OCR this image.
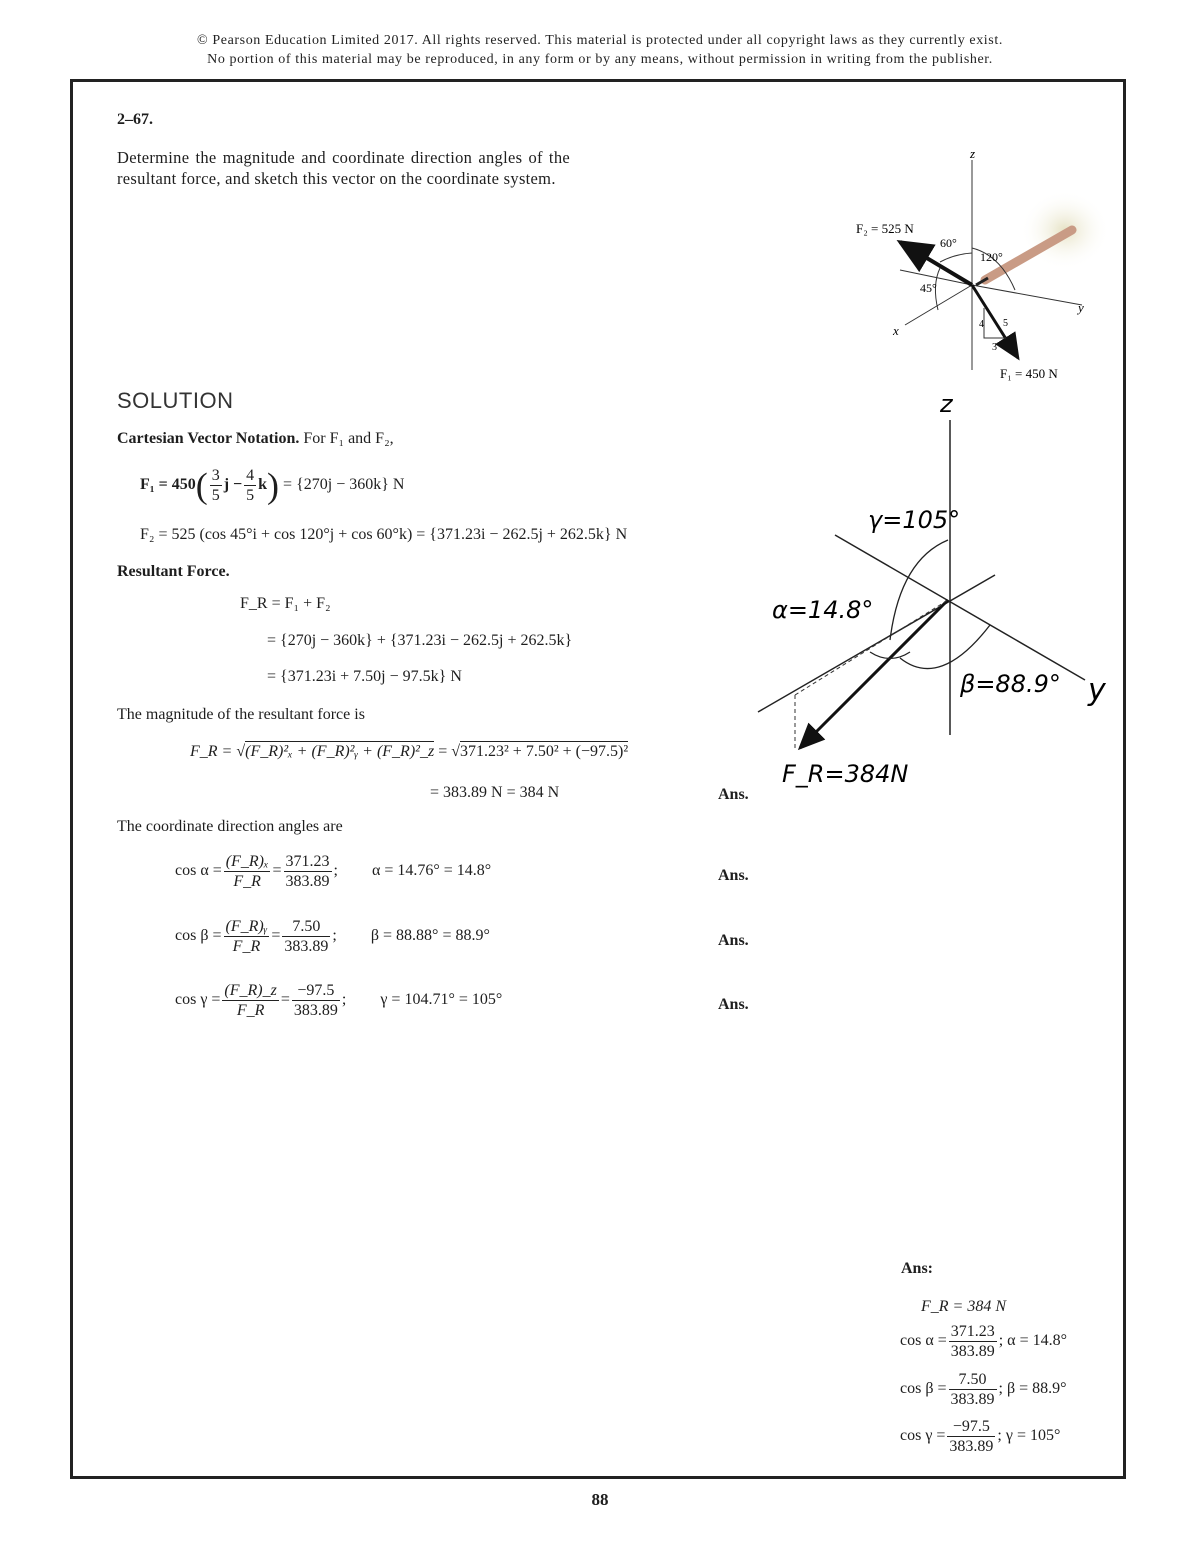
© Pearson Education Limited 2017. All rights reserved. This material is protected under all copyright laws as they currently exist.
No portion of this material may be reproduced, in any form or by any means, without permission in writing from the publisher.
2–67.
Determine the magnitude and coordinate direction angles of the resultant force, and sketch this vector on the coordinate system.
z
y
x
F₂ = 525 N
60°
120°
45°
4 5
3
F₁ = 450 N
SOLUTION
Cartesian Vector Notation. For F₁ and F₂,
$F_1 = 450( \frac{3}{5}$ $j - \frac{4}{5} k) = \{270j - 360k\}$ N
F₂ = 525 (cos 45°i + cos 120°j + cos 60°k) = {371.23i − 262.5j + 262.5k} N
Resultant Force.
F_R = F₁ + F₂
= {270j − 360k} + {371.23i − 262.5j + 262.5k}
= {371.23i + 7.50j − 97.5k} N
The magnitude of the resultant force is
F_R = √(F_R)²ₓ + (F_R)²ᵧ + (F_R)²_z = √371.23² + 7.50² + (−97.5)²
= 383.89 N = 384 N	Ans.
The coordinate direction angles are
$\cos \alpha = \frac{\text{(F\_R)ₓ}}{F\_R} = \frac{371.23}{383.89}$ ; α = 14.76° = 14.8°	Ans.
$\cos \beta = \frac{\text{(F\_R)ᵧ}}{F\_R} = \frac{7.50}{383.89}$ ; β = 88.88° = 88.9°	Ans.
$\cos \gamma = \frac{(F\_R)\_z}{F\_R} = \frac{-97.5}{383.89}$ ; γ = 104.71° = 105°	Ans.
z
y
γ=105°
α=14.8°
β=88.9°
F_R=384N
Ans:
F_R = 384 N
$\cos \alpha = \frac{371.23}{383.89}$ ; α = 14.8°
$\cos \beta = \frac{7.50}{383.89}$ ; β = 88.9°
$\cos \gamma = \frac{-97.5}{383.89}$ ; γ = 105°
88
